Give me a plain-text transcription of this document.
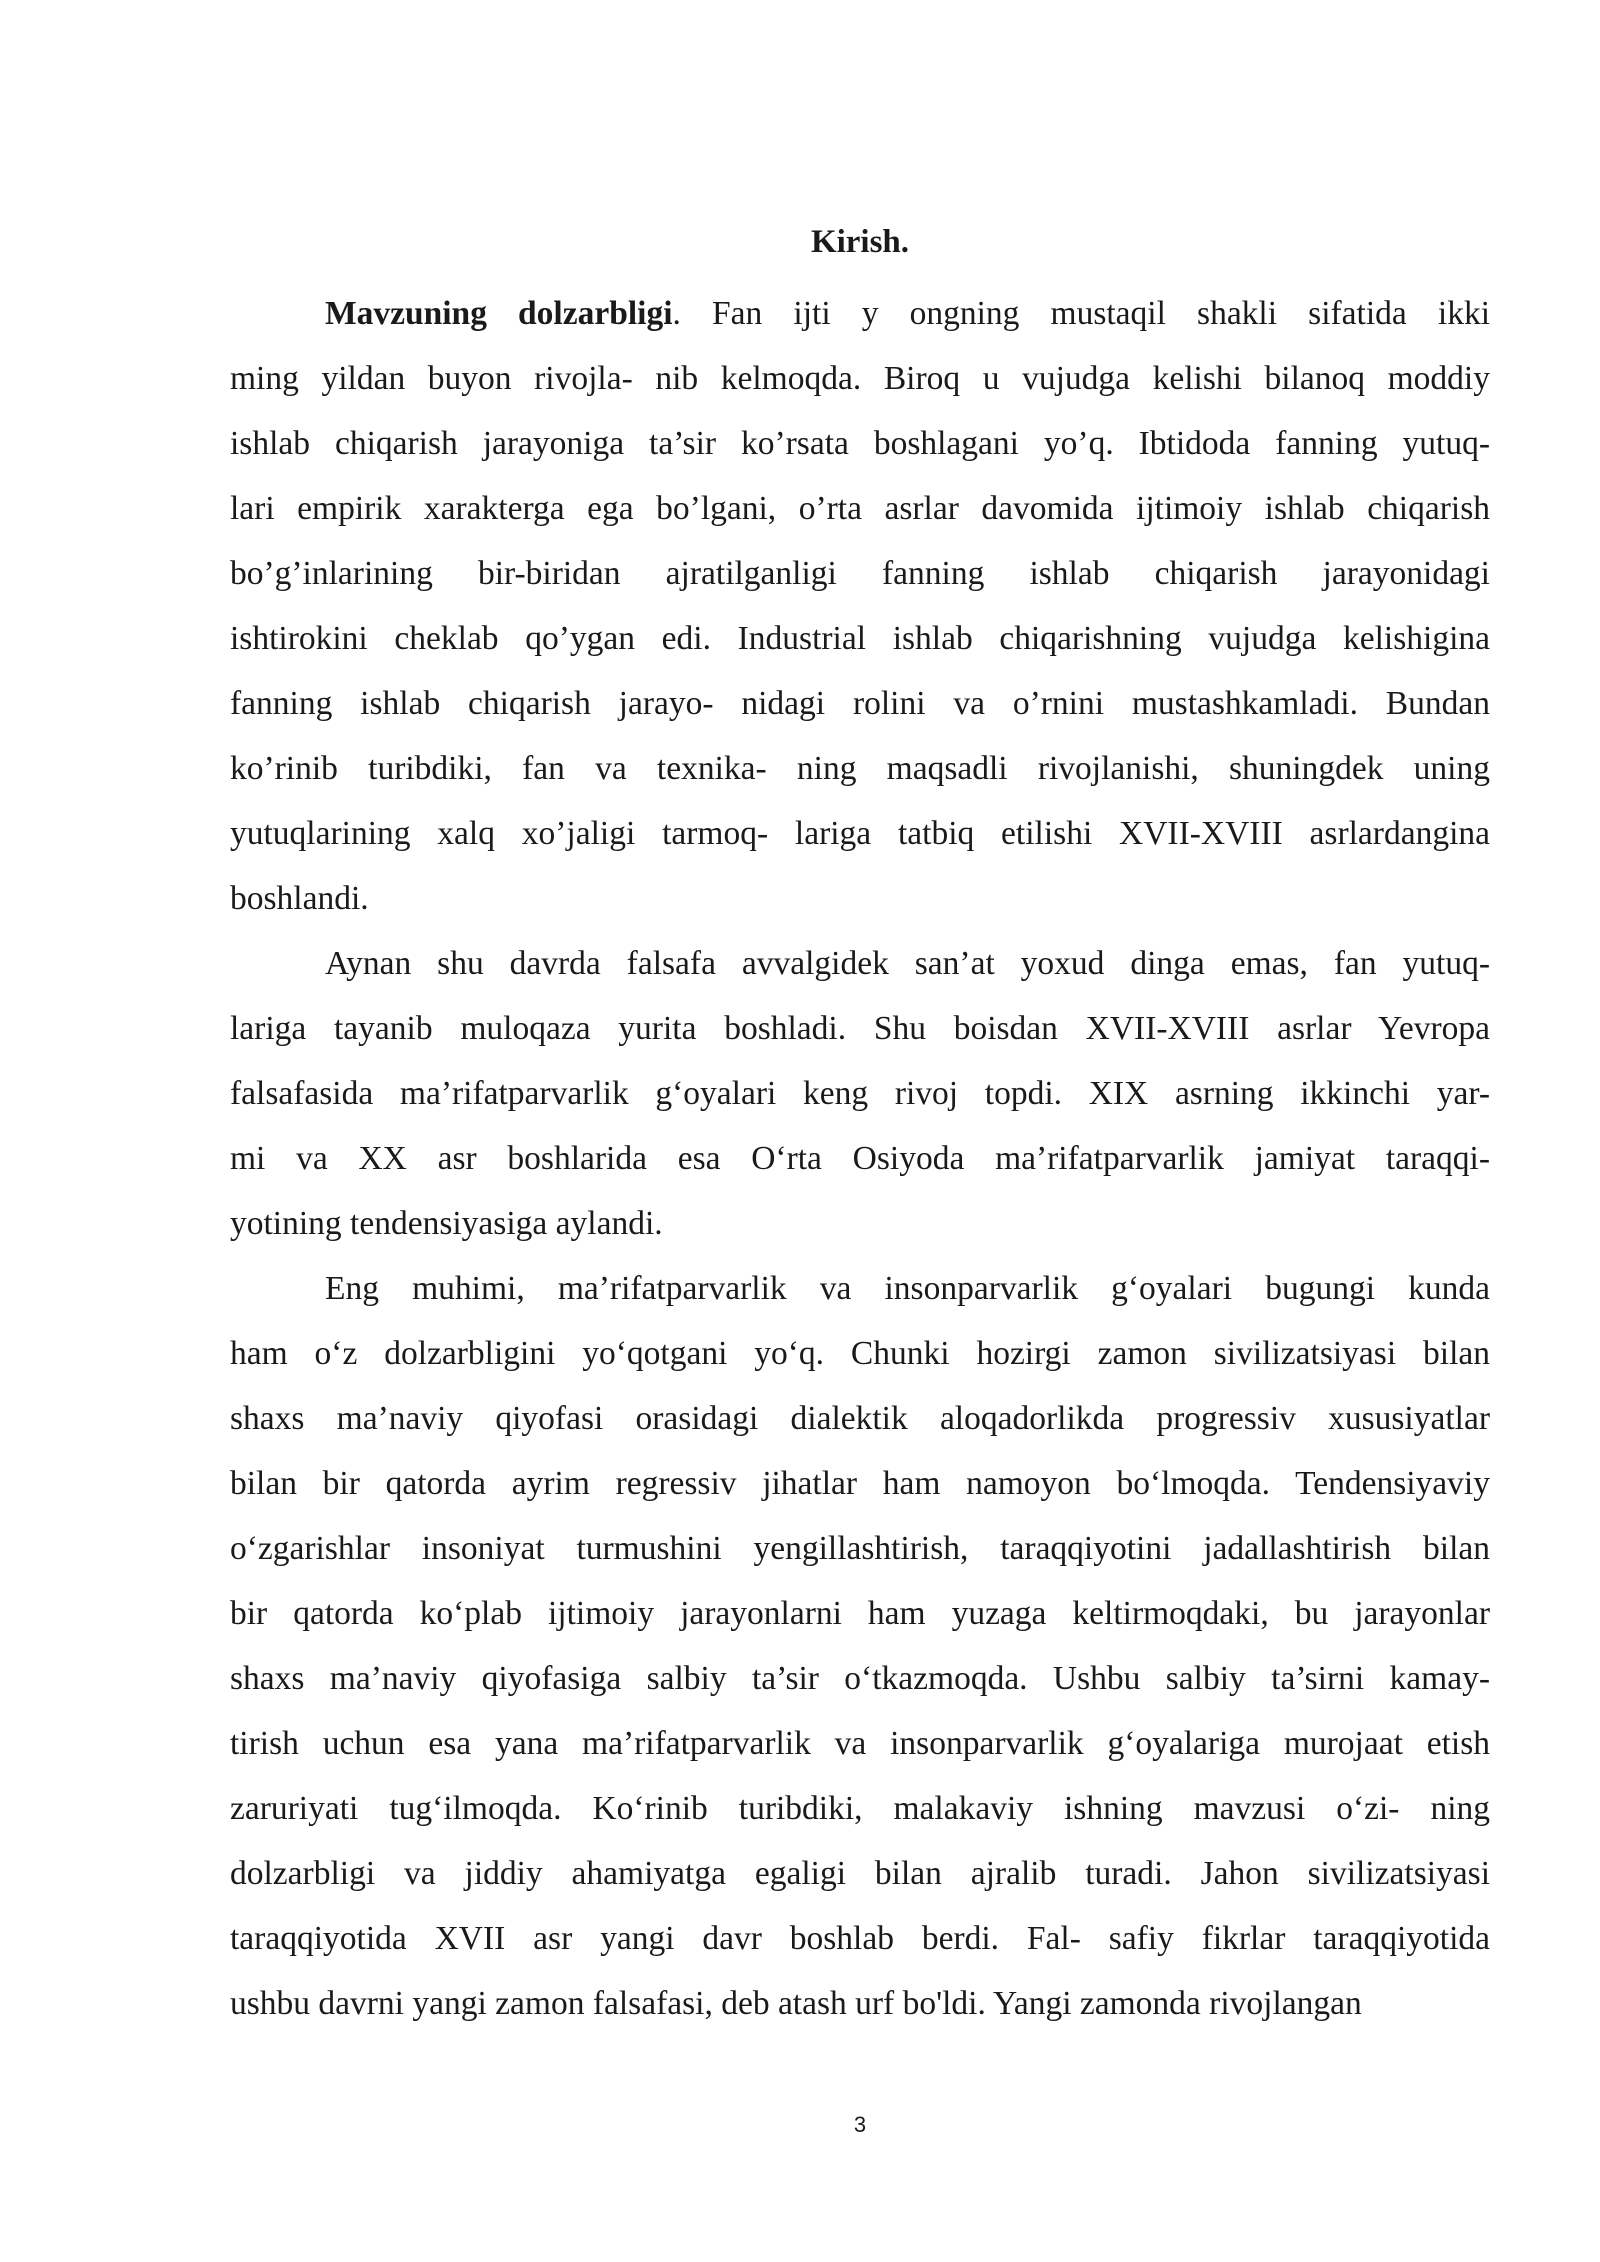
Kirish.

Mavzuning dolzarbligi. Fan ijti y ongning mustaqil shakli sifatida ikki
ming yildan buyon rivojla- nib kelmoqda. Biroq u vujudga kelishi bilanoq moddiy
ishlab chiqarish jarayoniga ta’sir ko’rsata boshlagani yo’q. Ibtidoda fanning yutuq-
lari empirik xarakterga ega bo’lgani, o’rta asrlar davomida ijtimoiy ishlab chiqarish
bo’g’inlarining bir-biridan ajratilganligi fanning ishlab chiqarish jarayonidagi
ishtirokini cheklab qo’ygan edi. Industrial ishlab chiqarishning vujudga kelishigina
fanning ishlab chiqarish jarayo- nidagi rolini va o’rnini mustashkamladi. Bundan
ko’rinib turibdiki, fan va texnika- ning maqsadli rivojlanishi, shuningdek uning
yutuqlarining xalq xo’jaligi tarmoq- lariga tatbiq etilishi XVII-XVIII asrlardangina
boshlandi.

Aynan shu davrda falsafa avvalgidek san’at yoxud dinga emas, fan yutuq-
lariga tayanib muloqaza yurita boshladi. Shu boisdan XVII-XVIII asrlar Yevropa
falsafasida ma’rifatparvarlik g‘oyalari keng rivoj topdi. XIX asrning ikkinchi yar-
mi va XX asr boshlarida esa O‘rta Osiyoda ma’rifatparvarlik jamiyat taraqqi-
yotining tendensiyasiga aylandi.

Eng muhimi, ma’rifatparvarlik va insonparvarlik g‘oyalari bugungi kunda
ham o‘z dolzarbligini yo‘qotgani yo‘q. Chunki hozirgi zamon sivilizatsiyasi bilan
shaxs ma’naviy qiyofasi orasidagi dialektik aloqadorlikda progressiv xususiyatlar
bilan bir qatorda ayrim regressiv jihatlar ham namoyon bo‘lmoqda. Tendensiyaviy
o‘zgarishlar insoniyat turmushini yengillashtirish, taraqqiyotini jadallashtirish bilan
bir qatorda ko‘plab ijtimoiy jarayonlarni ham yuzaga keltirmoqdaki, bu jarayonlar
shaxs ma’naviy qiyofasiga salbiy ta’sir o‘tkazmoqda. Ushbu salbiy ta’sirni kamay-
tirish uchun esa yana ma’rifatparvarlik va insonparvarlik g‘oyalariga murojaat etish
zaruriyati tug‘ilmoqda. Ko‘rinib turibdiki, malakaviy ishning mavzusi o‘zi- ning
dolzarbligi va jiddiy ahamiyatga egaligi bilan ajralib turadi. Jahon sivilizatsiyasi
taraqqiyotida XVII asr yangi davr boshlab berdi. Fal- safiy fikrlar taraqqiyotida
ushbu davrni yangi zamon falsafasi, deb atash urf bo'ldi. Yangi zamonda rivojlangan

3
